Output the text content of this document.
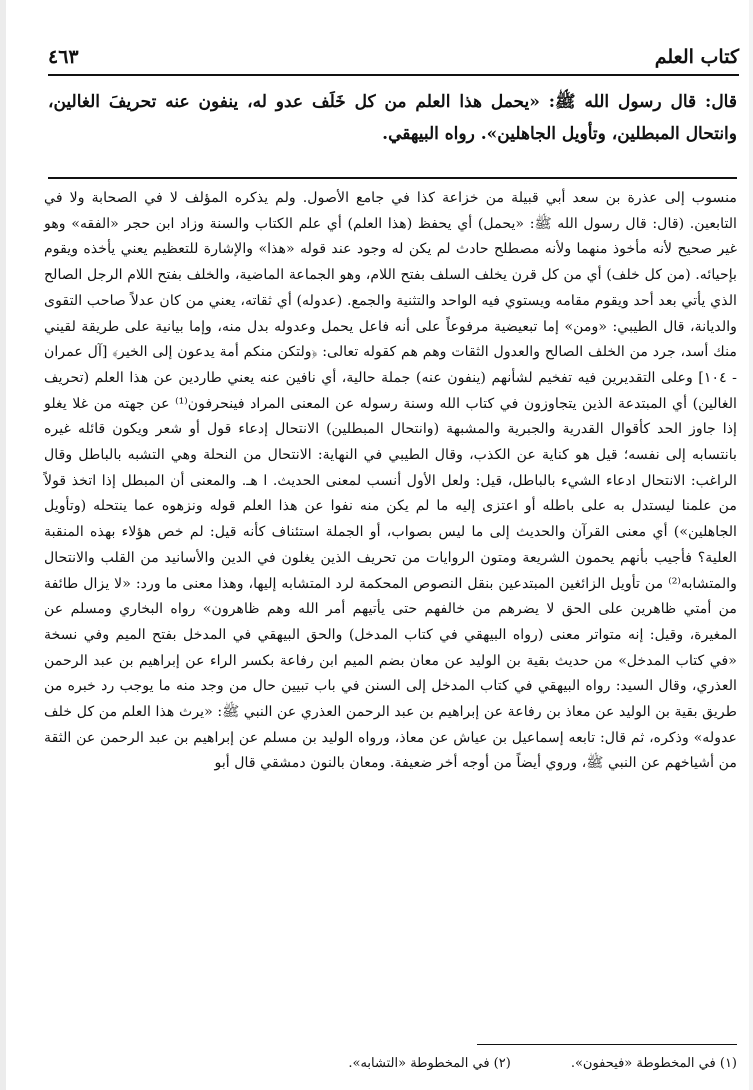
كتاب العلم
٤٦٣

قال: قال رسول الله ﷺ: «يحمل هذا العلم من كل خَلَف عدو له، ينفون عنه تحريفَ الغالين، وانتحال المبطلين، وتأويل الجاهلين». رواه البيهقي.

منسوب إلى عذرة بن سعد أبي قبيلة من خزاعة كذا في جامع الأصول. ولم يذكره المؤلف لا في الصحابة ولا في التابعين. (قال: قال رسول الله ﷺ: «يحمل) أي يحفظ (هذا العلم) أي علم الكتاب والسنة وزاد ابن حجر «الفقه» وهو غير صحيح لأنه مأخوذ منهما ولأنه مصطلح حادث لم يكن له وجود عند قوله «هذا» والإشارة للتعظيم يعني يأخذه ويقوم بإحيائه. (من كل خلف) أي من كل قرن يخلف السلف بفتح اللام، وهو الجماعة الماضية، والخلف بفتح اللام الرجل الصالح الذي يأتي بعد أحد ويقوم مقامه ويستوي فيه الواحد والتثنية والجمع. (عدوله) أي ثقاته، يعني من كان عدلاً صاحب التقوى والديانة، قال الطيبي: «ومن» إما تبعيضية مرفوعاً على أنه فاعل يحمل وعدوله بدل منه، وإما بيانية على طريقة لقيني منك أسد، جرد من الخلف الصالح والعدول الثقات وهم هم كقوله تعالى: ﴿ولتكن منكم أمة يدعون إلى الخير﴾ [آل عمران - ١٠٤] وعلى التقديرين فيه تفخيم لشأنهم (ينفون عنه) جملة حالية، أي نافين عنه يعني طاردين عن هذا العلم (تحريف الغالين) أي المبتدعة الذين يتجاوزون في كتاب الله وسنة رسوله عن المعنى المراد فينحرفون⁽¹⁾ عن جهته من غلا يغلو إذا جاوز الحد كأقوال القدرية والجبرية والمشبهة (وانتحال المبطلين) الانتحال إدعاء قول أو شعر ويكون قائله غيره بانتسابه إلى نفسه؛ قيل هو كناية عن الكذب، وقال الطيبي في النهاية: الانتحال من النحلة وهي التشبه بالباطل وقال الراغب: الانتحال ادعاء الشيء بالباطل، قيل: ولعل الأول أنسب لمعنى الحديث. ا هـ. والمعنى أن المبطل إذا اتخذ قولاً من علمنا ليستدل به على باطله أو اعتزى إليه ما لم يكن منه نفوا عن هذا العلم قوله ونزهوه عما ينتحله (وتأويل الجاهلين») أي معنى القرآن والحديث إلى ما ليس بصواب، أو الجملة استئناف كأنه قيل: لم خص هؤلاء بهذه المنقبة العلية؟ فأجيب بأنهم يحمون الشريعة ومتون الروايات من تحريف الذين يغلون في الدين والأسانيد من القلب والانتحال والمتشابه⁽²⁾ من تأويل الزائغين المبتدعين بنقل النصوص المحكمة لرد المتشابه إليها، وهذا معنى ما ورد: «لا يزال طائفة من أمتي ظاهرين على الحق لا يضرهم من خالفهم حتى يأتيهم أمر الله وهم ظاهرون» رواه البخاري ومسلم عن المغيرة، وقيل: إنه متواتر معنى (رواه البيهقي في كتاب المدخل) والحق البيهقي في المدخل بفتح الميم وفي نسخة «في كتاب المدخل» من حديث بقية بن الوليد عن معان بضم الميم ابن رفاعة بكسر الراء عن إبراهيم بن عبد الرحمن العذري، وقال السيد: رواه البيهقي في كتاب المدخل إلى السنن في باب تبيين حال من وجد منه ما يوجب رد خبره من طريق بقية بن الوليد عن معاذ بن رفاعة عن إبراهيم بن عبد الرحمن العذري عن النبي ﷺ: «يرث هذا العلم من كل خلف عدوله» وذكره، ثم قال: تابعه إسماعيل بن عياش عن معاذ، ورواه الوليد بن مسلم عن إبراهيم بن عبد الرحمن عن الثقة من أشياخهم عن النبي ﷺ، وروي أيضاً من أوجه أخر ضعيفة. ومعان بالنون دمشقي قال أبو

(١) في المخطوطة «فيحفون».
(٢) في المخطوطة «التشابه».
